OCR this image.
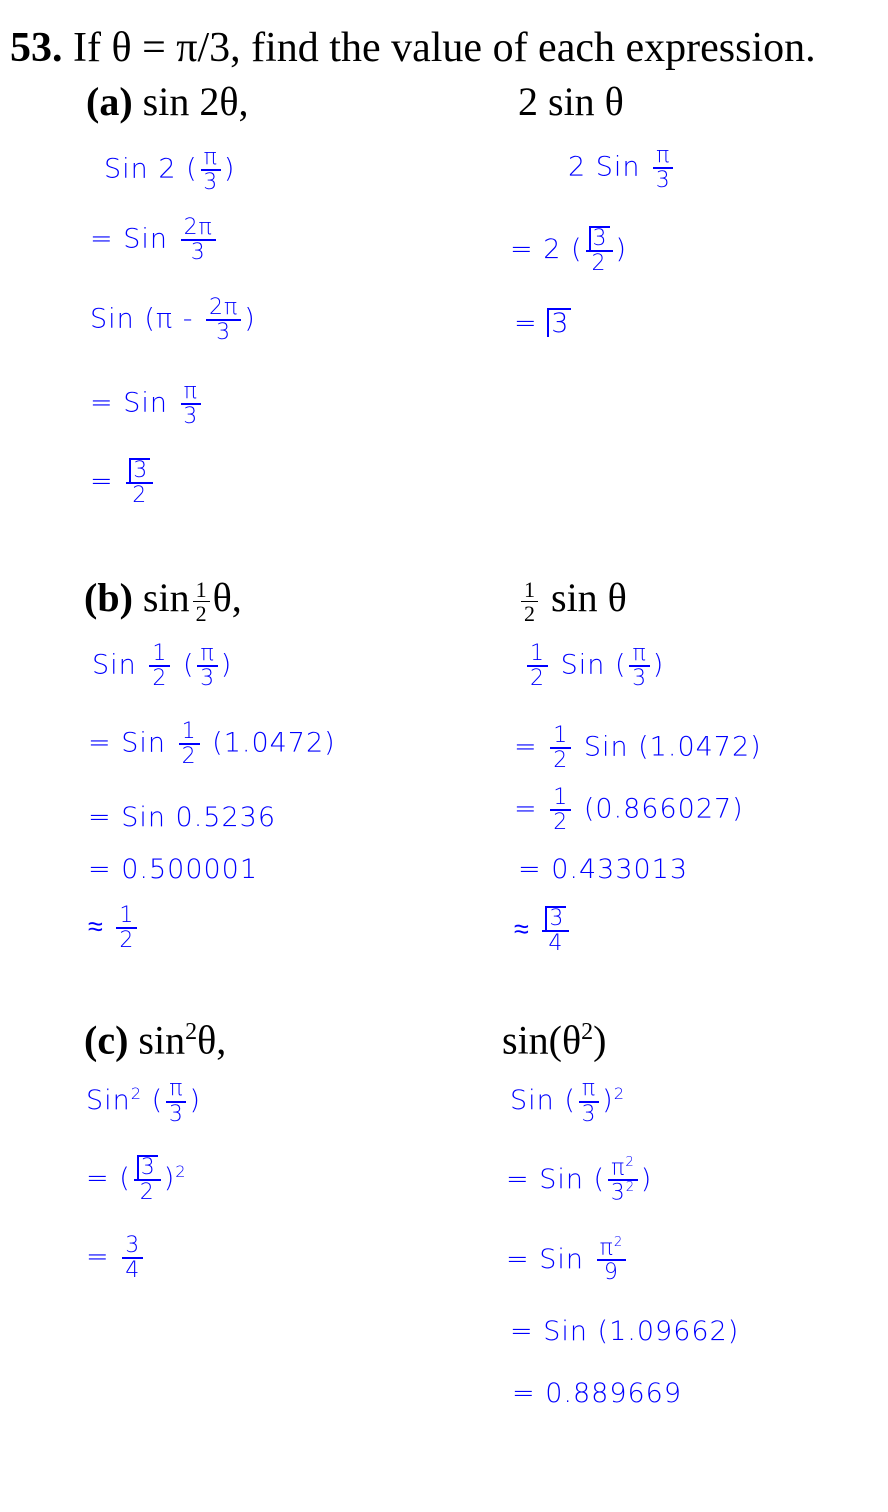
53. If θ = π/3, find the value of each expression.
(a) sin 2θ,	2 sin θ
Sin 2 ( $\frac{\pi}{3}$ )
= Sin $\frac{2\pi}{3}$
Sin ($\pi - \frac{2\pi}{3}$ )
= Sin $\frac{\pi}{3}$
= $\frac{3}{2}$
2 Sin $\frac{\pi}{3}$
= 2 ( $\frac{3}{2}$ )
= 3
(b) $\sin \frac{1}{2} \theta$,	$\frac{1}{2}$ sin θ
Sin $\frac{1}{2}$ ( $\frac{\pi}{3}$ )
= Sin $\frac{1}{2} (1.0472)$
= Sin 0.5236
= 0.500001
≈ $\frac{1}{2}$
$\frac{1}{2}$ Sin ( $\frac{\pi}{3}$ )
= $\frac{1}{2}$ Sin (1.0472)
= $\frac{1}{2} (0.866027)$
= 0.433013
≈ $\frac{3}{4}$
(c) $\sin^2\theta$,	$\sin(\theta^2)$
Sin$^2$ ( $\frac{\pi}{3}$ )
= ( $\frac{3}{2} )^2$
= $\frac{3}{4}$
Sin ( $\frac{\pi}{3} )^2$
= Sin ( $\frac{\pi^2}{3^2}$ )
= Sin $\frac{\pi^2}{9}$
= Sin (1.09662)
= 0.889669
